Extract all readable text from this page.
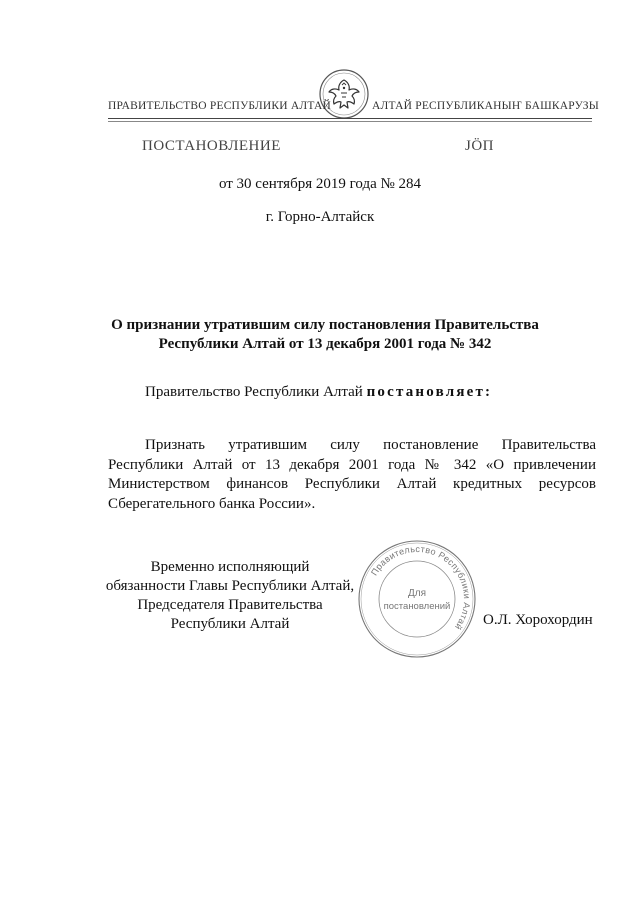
ПРАВИТЕЛЬСТВО РЕСПУБЛИКИ АЛТАЙ	АЛТАЙ РЕСПУБЛИКАНЫҤ БАШКАРУЗЫ
ПОСТАНОВЛЕНИЕ	ЈӦП
от 30 сентября 2019 года № 284
г. Горно-Алтайск
О признании утратившим силу постановления Правительства
Республики Алтай от 13 декабря 2001 года № 342
Правительство Республики Алтай постановляет:
Признать утратившим силу постановление Правительства
Республики Алтай от 13 декабря 2001 года № 342 «О привлечении
Министерством финансов Республики Алтай кредитных ресурсов
Сберегательного банка России».
Временно исполняющий
обязанности Главы Республики Алтай,
Председателя Правительства
Республики Алтай
Правительство Республики Алтай
Для
постановлений
О.Л. Хорохордин
